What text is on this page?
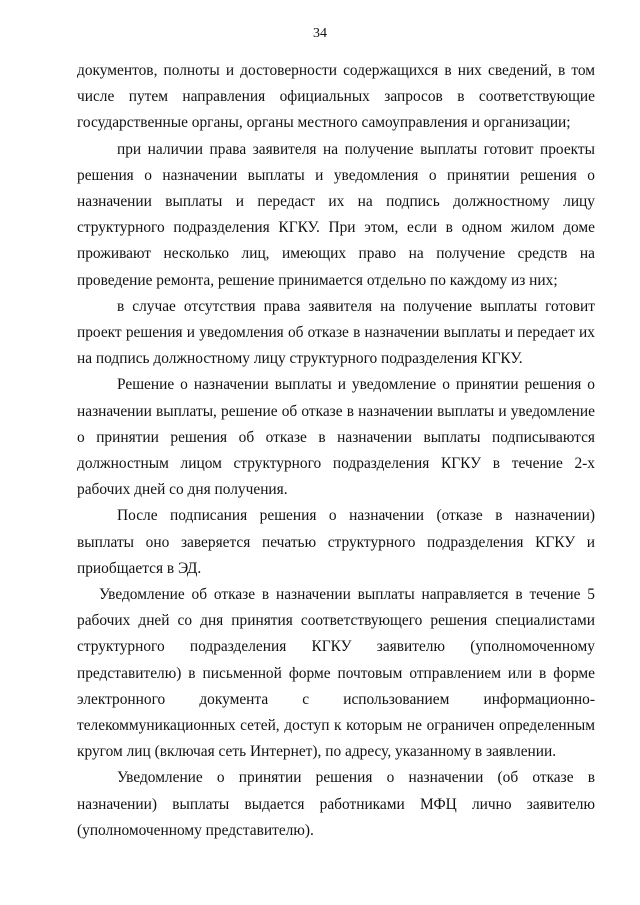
34

документов, полноты и достоверности содержащихся в них сведений, в том числе путем направления официальных запросов в соответствующие государственные органы, органы местного самоуправления и организации;

при наличии права заявителя на получение выплаты готовит проекты решения о назначении выплаты и уведомления о принятии решения о назначении выплаты и передаст их на подпись должностному лицу структурного подразделения КГКУ. При этом, если в одном жилом доме проживают несколько лиц, имеющих право на получение средств на проведение ремонта, решение принимается отдельно по каждому из них;

в случае отсутствия права заявителя на получение выплаты готовит проект решения и уведомления об отказе в назначении выплаты и передает их на подпись должностному лицу структурного подразделения КГКУ.

Решение о назначении выплаты и уведомление о принятии решения о назначении выплаты, решение об отказе в назначении выплаты и уведомление о принятии решения об отказе в назначении выплаты подписываются должностным лицом структурного подразделения КГКУ в течение 2-х рабочих дней со дня получения.

После подписания решения о назначении (отказе в назначении) выплаты оно заверяется печатью структурного подразделения КГКУ и приобщается в ЭД.

Уведомление об отказе в назначении выплаты направляется в течение 5 рабочих дней со дня принятия соответствующего решения специалистами структурного подразделения КГКУ заявителю (уполномоченному представителю) в письменной форме почтовым отправлением или в форме электронного документа с использованием информационно-телекоммуникационных сетей, доступ к которым не ограничен определенным кругом лиц (включая сеть Интернет), по адресу, указанному в заявлении.

Уведомление о принятии решения о назначении (об отказе в назначении) выплаты выдается работниками МФЦ лично заявителю (уполномоченному представителю).
